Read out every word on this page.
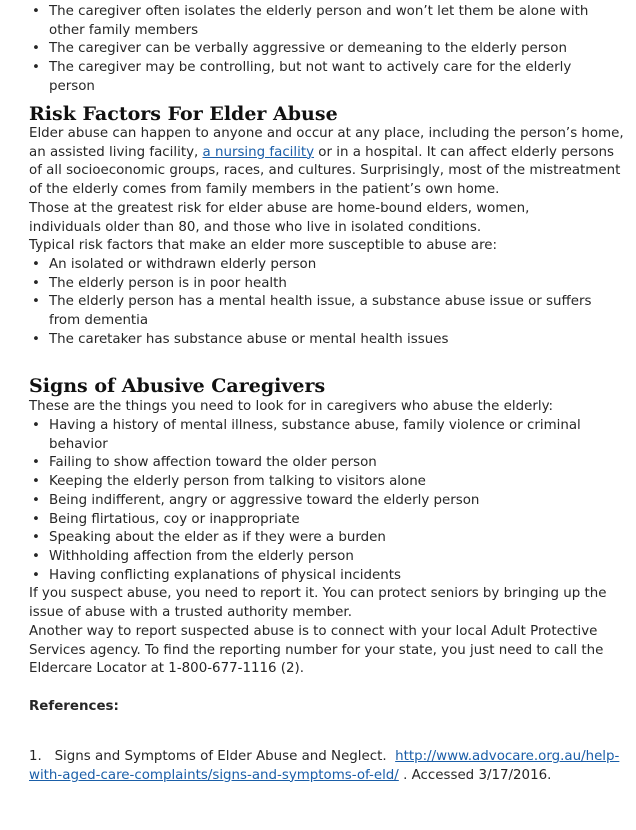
• The caregiver often isolates the elderly person and won’t let them be alone with other family members
• The caregiver can be verbally aggressive or demeaning to the elderly person
• The caregiver may be controlling, but not want to actively care for the elderly person
Risk Factors For Elder Abuse

Elder abuse can happen to anyone and occur at any place, including the person’s home, an assisted living facility, a nursing facility or in a hospital. It can affect elderly persons of all socioeconomic groups, races, and cultures. Surprisingly, most of the mistreatment of the elderly comes from family members in the patient’s own home.

Those at the greatest risk for elder abuse are home-bound elders, women,
individuals older than 80, and those who live in isolated conditions.

Typical risk factors that make an elder more susceptible to abuse are:

• An isolated or withdrawn elderly person
• The elderly person is in poor health
• The elderly person has a mental health issue, a substance abuse issue or suffers from dementia
• The caretaker has substance abuse or mental health issues
Signs of Abusive Caregivers

These are the things you need to look for in caregivers who abuse the elderly:

• Having a history of mental illness, substance abuse, family violence or criminal behavior
• Failing to show affection toward the older person
• Keeping the elderly person from talking to visitors alone
• Being indifferent, angry or aggressive toward the elderly person
• Being flirtatious, coy or inappropriate
• Speaking about the elder as if they were a burden
• Withholding affection from the elderly person
• Having conflicting explanations of physical incidents

If you suspect abuse, you need to report it. You can protect seniors by bringing up the issue of abuse with a trusted authority member.

Another way to report suspected abuse is to connect with your local Adult Protective Services agency. To find the reporting number for your state, you just need to call the Eldercare Locator at 1-800-677-1116 (2).

References:

1. Signs and Symptoms of Elder Abuse and Neglect. http://www.advocare.org.au/help-with-aged-care-complaints/signs-and-symptoms-of-eld/ . Accessed 3/17/2016.
